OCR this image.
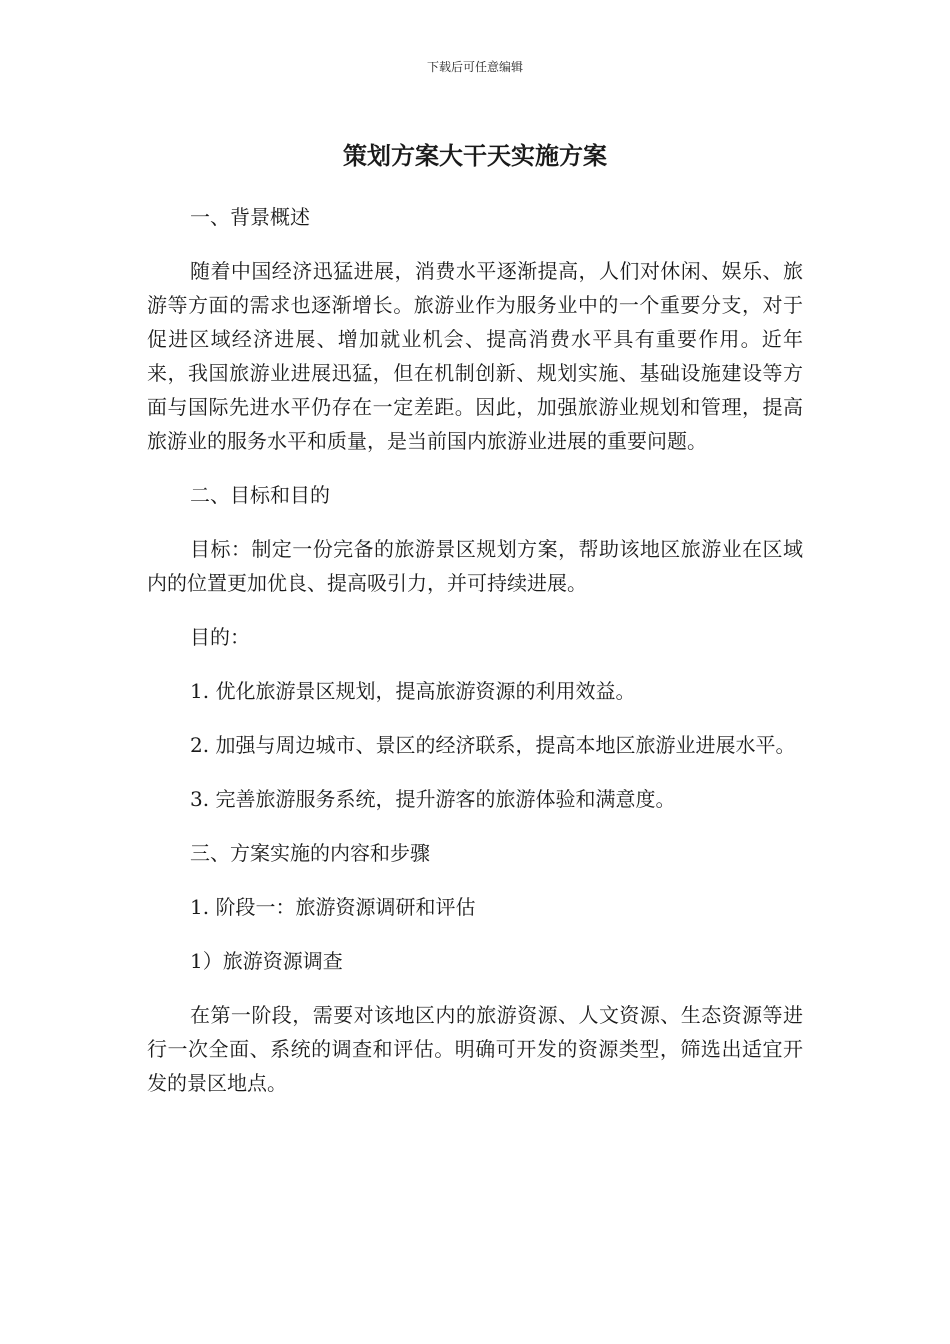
下载后可任意编辑
策划方案大干天实施方案

一、背景概述

随着中国经济迅猛进展，消费水平逐渐提高，人们对休闲、娱乐、旅游等方面的需求也逐渐增长。旅游业作为服务业中的一个重要分支，对于促进区域经济进展、增加就业机会、提高消费水平具有重要作用。近年来，我国旅游业进展迅猛，但在机制创新、规划实施、基础设施建设等方面与国际先进水平仍存在一定差距。因此，加强旅游业规划和管理，提高旅游业的服务水平和质量，是当前国内旅游业进展的重要问题。

二、目标和目的

目标：制定一份完备的旅游景区规划方案，帮助该地区旅游业在区域内的位置更加优良、提高吸引力，并可持续进展。

目的：

1. 优化旅游景区规划，提高旅游资源的利用效益。

2. 加强与周边城市、景区的经济联系，提高本地区旅游业进展水平。

3. 完善旅游服务系统，提升游客的旅游体验和满意度。

三、方案实施的内容和步骤

1. 阶段一：旅游资源调研和评估

1）旅游资源调查

在第一阶段，需要对该地区内的旅游资源、人文资源、生态资源等进行一次全面、系统的调查和评估。明确可开发的资源类型，筛选出适宜开发的景区地点。
